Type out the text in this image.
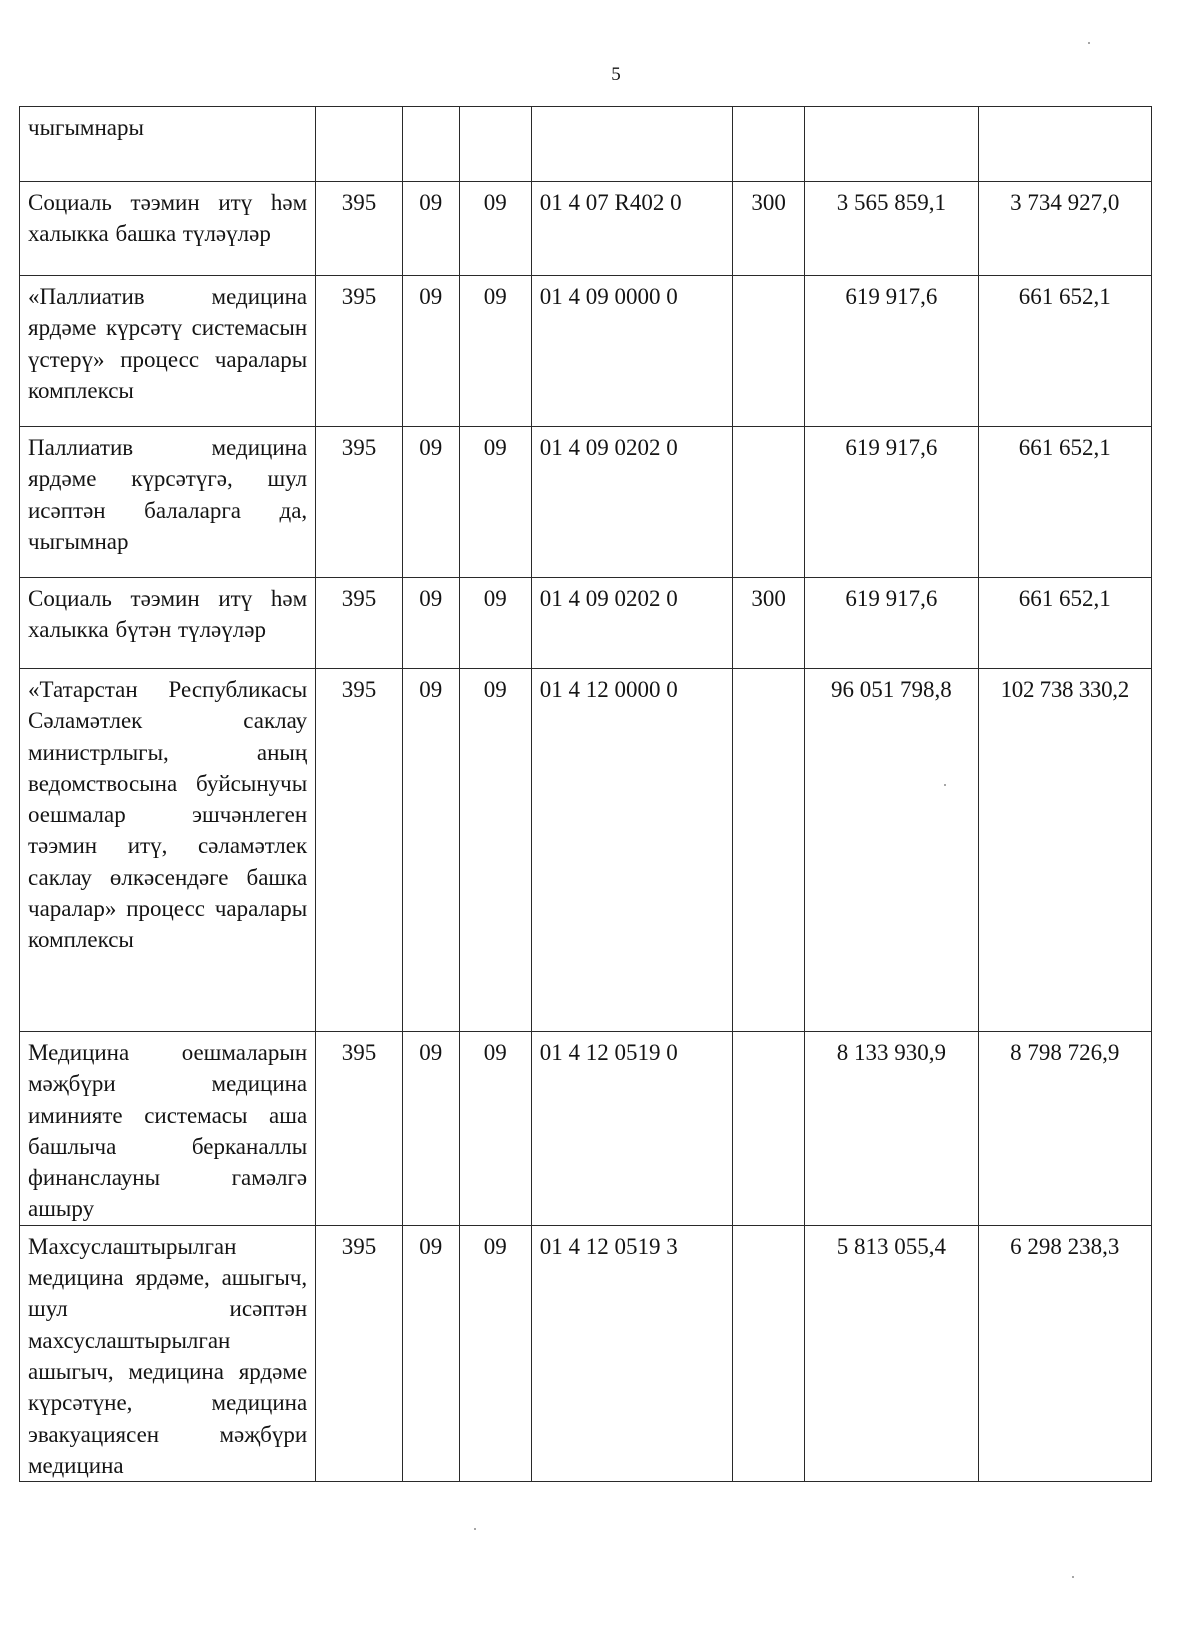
5
чыгымнары							
Социаль тәэмин итү һәм халыкка башка түләүләр	395	09	09	01 4 07 R402 0	300	3 565 859,1	3 734 927,0
«Паллиатив медицина ярдәме күрсәтү системасын үстерү» процесс чаралары комплексы	395	09	09	01 4 09 0000 0		619 917,6	661 652,1
Паллиатив медицина ярдәме күрсәтүгә, шул исәптән балаларга да, чыгымнар	395	09	09	01 4 09 0202 0		619 917,6	661 652,1
Социаль тәэмин итү һәм халыкка бүтән түләүләр	395	09	09	01 4 09 0202 0	300	619 917,6	661 652,1
«Татарстан Республикасы Сәламәтлек саклау министрлыгы, аның ведомствосына буйсынучы оешмалар эшчәнлеген тәэмин итү, сәламәтлек саклау өлкәсендәге башка чаралар» процесс чаралары комплексы	395	09	09	01 4 12 0000 0		96 051 798,8	102 738 330,2
Медицина оешмаларын мәҗбүри медицина иминияте системасы аша башлыча берканаллы финанслауны гамәлгә ашыру	395	09	09	01 4 12 0519 0		8 133 930,9	8 798 726,9
Махсуслаштырылган медицина ярдәме, ашыгыч, шул исәптән махсуслаштырылган ашыгыч, медицина ярдәме күрсәтүне, медицина эвакуациясен мәҗбүри медицина	395	09	09	01 4 12 0519 3		5 813 055,4	6 298 238,3
